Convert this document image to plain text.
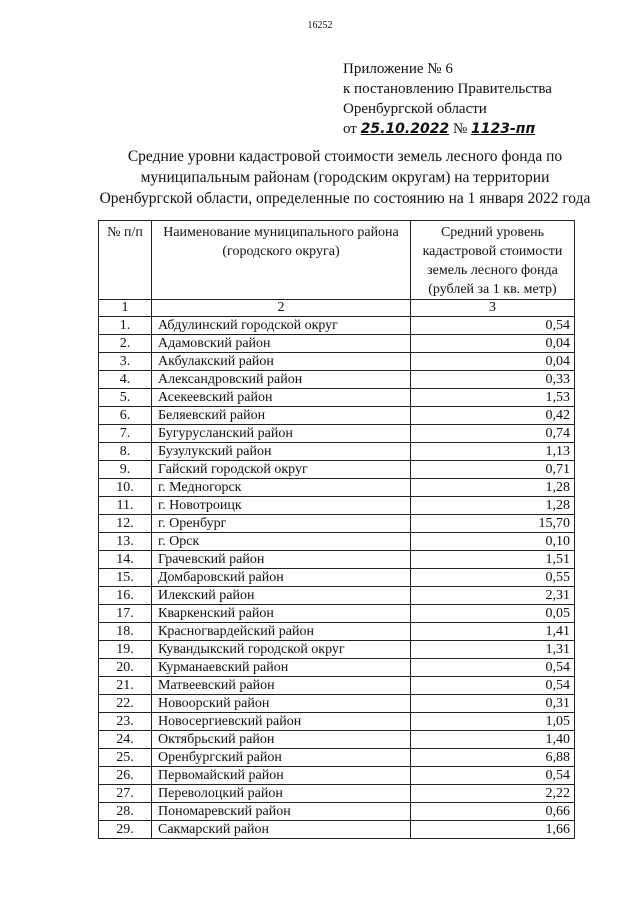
16252
Приложение № 6
к постановлению Правительства
Оренбургской области
от 25.10.2022 № 1123-пп
Средние уровни кадастровой стоимости земель лесного фонда по
муниципальным районам (городским округам) на территории
Оренбургской области, определенные по состоянию на 1 января 2022 года
№ п/п	Наименование муниципального района (городского округа)	Средний уровень кадастровой стоимости земель лесного фонда (рублей за 1 кв. метр)
1	2	3
1.	Абдулинский городской округ	0,54
2.	Адамовский район	0,04
3.	Акбулакский район	0,04
4.	Александровский район	0,33
5.	Асекеевский район	1,53
6.	Беляевский район	0,42
7.	Бугурусланский район	0,74
8.	Бузулукский район	1,13
9.	Гайский городской округ	0,71
10.	г. Медногорск	1,28
11.	г. Новотроицк	1,28
12.	г. Оренбург	15,70
13.	г. Орск	0,10
14.	Грачевский район	1,51
15.	Домбаровский район	0,55
16.	Илекский район	2,31
17.	Кваркенский район	0,05
18.	Красногвардейский район	1,41
19.	Кувандыкский городской округ	1,31
20.	Курманаевский район	0,54
21.	Матвеевский район	0,54
22.	Новоорский район	0,31
23.	Новосергиевский район	1,05
24.	Октябрьский район	1,40
25.	Оренбургский район	6,88
26.	Первомайский район	0,54
27.	Переволоцкий район	2,22
28.	Пономаревский район	0,66
29.	Сакмарский район	1,66
